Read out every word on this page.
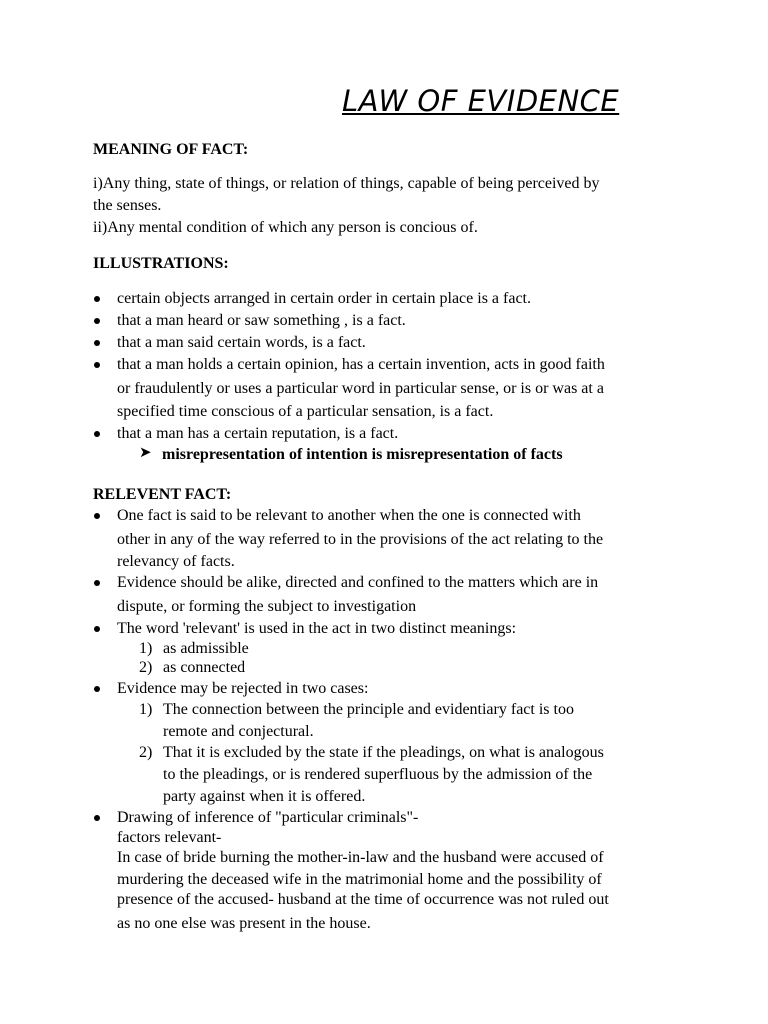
LAW OF EVIDENCE
MEANING OF FACT:
i)Any thing, state of things, or relation of things, capable of being perceived by
the senses.
ii)Any mental condition of which any person is concious of.
ILLUSTRATIONS:
certain objects arranged in certain order in certain place is a fact.
that a man heard or saw something , is a fact.
that a man said certain words, is a fact.
that a man holds a certain opinion, has a certain invention, acts in good faith
or fraudulently or uses a particular word in particular sense, or is or was at a
specified time conscious of a particular sensation, is a fact.
that a man has a certain reputation, is a fact.
➤ misrepresentation of intention is misrepresentation of facts
RELEVENT FACT:
One fact is said to be relevant to another when the one is connected with
other in any of the way referred to in the provisions of the act relating to the
relevancy of facts.
Evidence should be alike, directed and confined to the matters which are in
dispute, or forming the subject to investigation
The word 'relevant' is used in the act in two distinct meanings:
1) as admissible
2) as connected
Evidence may be rejected in two cases:
1) The connection between the principle and evidentiary fact is too
remote and conjectural.
2) That it is excluded by the state if the pleadings, on what is analogous
to the pleadings, or is rendered superfluous by the admission of the
party against when it is offered.
Drawing of inference of "particular criminals"-
factors relevant-
In case of bride burning the mother-in-law and the husband were accused of
murdering the deceased wife in the matrimonial home and the possibility of
presence of the accused- husband at the time of occurrence was not ruled out
as no one else was present in the house.
